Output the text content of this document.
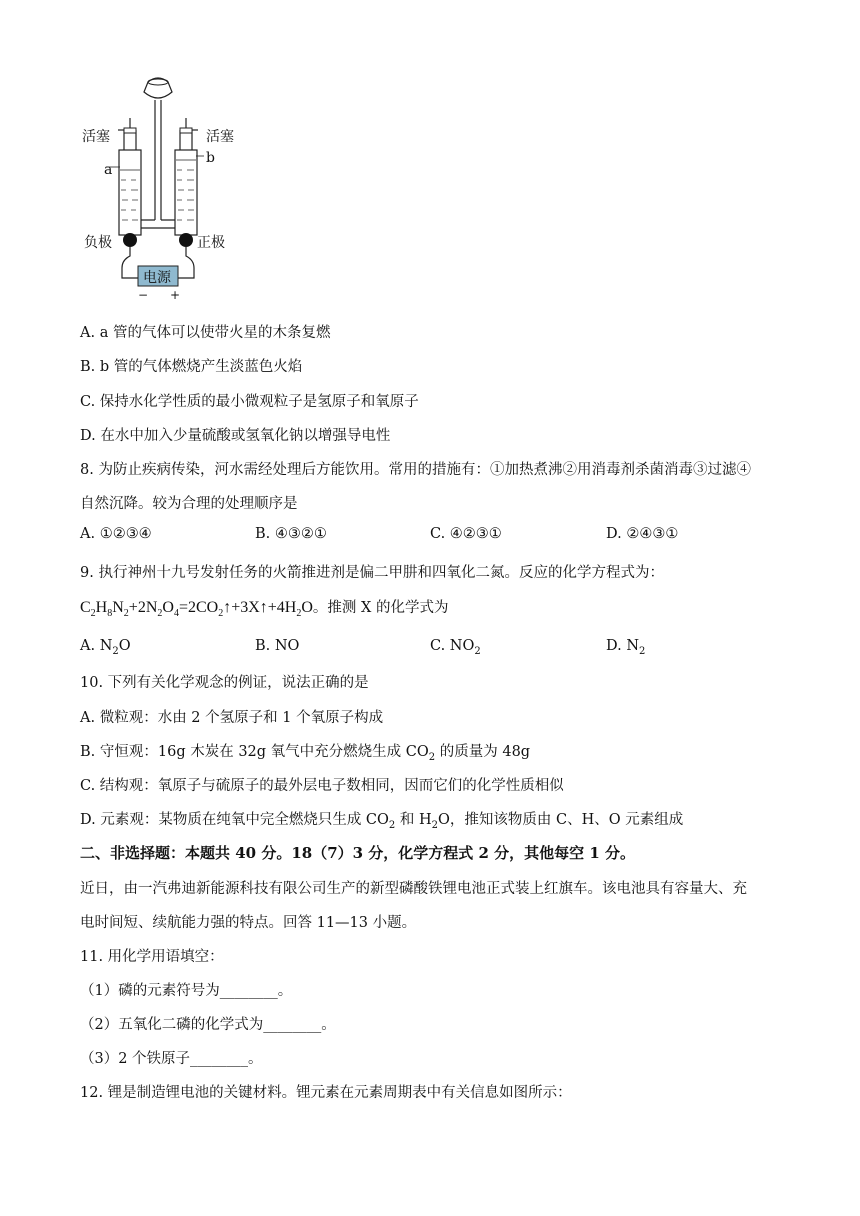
活塞	活塞
a
b
负极	正极
电源
− +
A. a 管的气体可以使带火星的木条复燃
B. b 管的气体燃烧产生淡蓝色火焰
C. 保持水化学性质的最小微观粒子是氢原子和氧原子
D. 在水中加入少量硫酸或氢氧化钠以增强导电性
8. 为防止疾病传染，河水需经处理后方能饮用。常用的措施有：①加热煮沸②用消毒剂杀菌消毒③过滤④
自然沉降。较为合理的处理顺序是
A. ①②③④	B. ④③②①	C. ④②③①	D. ②④③①
9. 执行神州十九号发射任务的火箭推进剂是偏二甲肼和四氧化二氮。反应的化学方程式为：
$C_2H_8N_2+2N_2O_4=2CO_2↑+3X↑+4H_2O$。推测 X 的化学式为
A. $N_2O$	B. NO	C. $NO_2$	D. $N_2$
10. 下列有关化学观念的例证，说法正确的是
A. 微粒观：水由 2 个氢原子和 1 个氧原子构成
B. 守恒观：16g 木炭在 32g 氧气中充分燃烧生成 $CO_2$ 的质量为 48g
C. 结构观：氧原子与硫原子的最外层电子数相同，因而它们的化学性质相似
D. 元素观：某物质在纯氧中完全燃烧只生成 $CO_2$ 和 $H_2O$，推知该物质由 C、H、O 元素组成
二、非选择题：本题共 40 分。18（7）3 分，化学方程式 2 分，其他每空 1 分。
近日，由一汽弗迪新能源科技有限公司生产的新型磷酸铁锂电池正式装上红旗车。该电池具有容量大、充
电时间短、续航能力强的特点。回答 11—13 小题。
11. 用化学用语填空：
（1）磷的元素符号为________。
（2）五氧化二磷的化学式为________。
（3）2 个铁原子________。
12. 锂是制造锂电池的关键材料。锂元素在元素周期表中有关信息如图所示：
